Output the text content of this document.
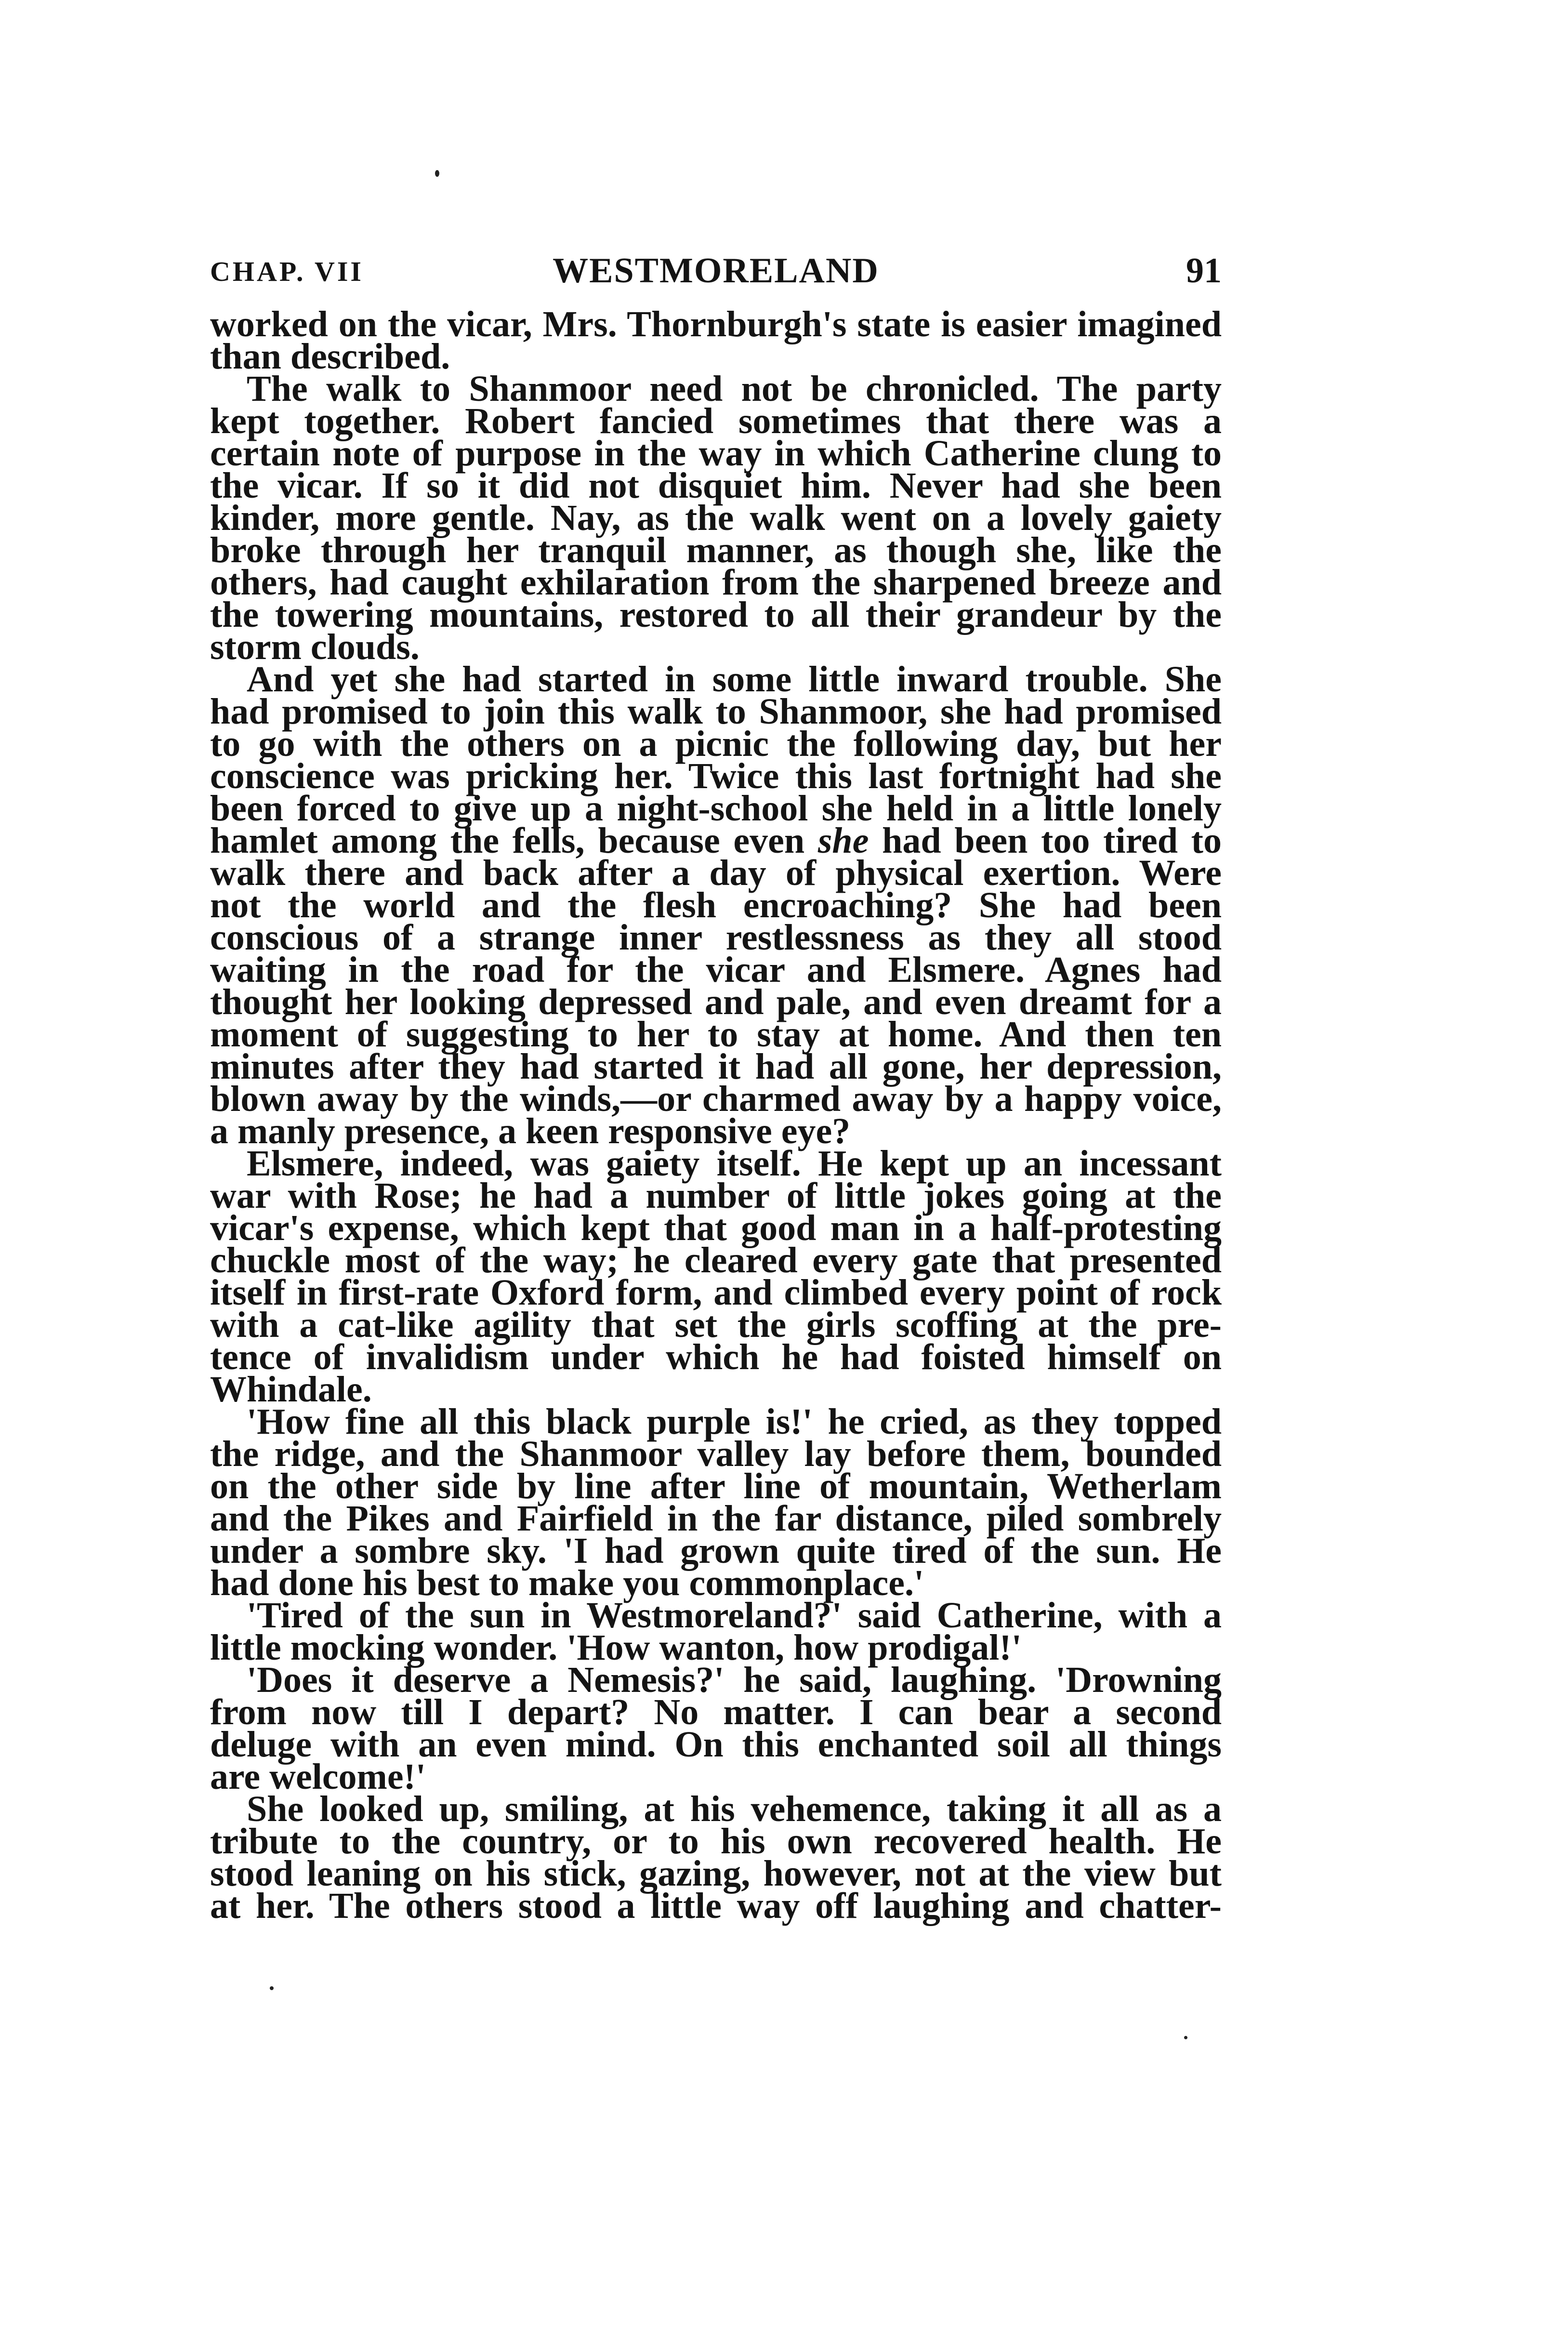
CHAP. VII	WESTMORELAND	91
worked on the vicar, Mrs. Thornburgh's state is easier imagined
than described.
The walk to Shanmoor need not be chronicled. The party
kept together. Robert fancied sometimes that there was a
certain note of purpose in the way in which Catherine clung to
the vicar. If so it did not disquiet him. Never had she been
kinder, more gentle. Nay, as the walk went on a lovely gaiety
broke through her tranquil manner, as though she, like the
others, had caught exhilaration from the sharpened breeze and
the towering mountains, restored to all their grandeur by the
storm clouds.
And yet she had started in some little inward trouble. She
had promised to join this walk to Shanmoor, she had promised
to go with the others on a picnic the following day, but her
conscience was pricking her. Twice this last fortnight had she
been forced to give up a night-school she held in a little lonely
hamlet among the fells, because even she had been too tired to
walk there and back after a day of physical exertion. Were
not the world and the flesh encroaching? She had been
conscious of a strange inner restlessness as they all stood
waiting in the road for the vicar and Elsmere. Agnes had
thought her looking depressed and pale, and even dreamt for a
moment of suggesting to her to stay at home. And then ten
minutes after they had started it had all gone, her depression,
blown away by the winds,—or charmed away by a happy voice,
a manly presence, a keen responsive eye?
Elsmere, indeed, was gaiety itself. He kept up an incessant
war with Rose; he had a number of little jokes going at the
vicar's expense, which kept that good man in a half-protesting
chuckle most of the way; he cleared every gate that presented
itself in first-rate Oxford form, and climbed every point of rock
with a cat-like agility that set the girls scoffing at the pre-
tence of invalidism under which he had foisted himself on
Whindale.
'How fine all this black purple is!' he cried, as they topped
the ridge, and the Shanmoor valley lay before them, bounded
on the other side by line after line of mountain, Wetherlam
and the Pikes and Fairfield in the far distance, piled sombrely
under a sombre sky. 'I had grown quite tired of the sun. He
had done his best to make you commonplace.'
'Tired of the sun in Westmoreland?' said Catherine, with a
little mocking wonder. 'How wanton, how prodigal!'
'Does it deserve a Nemesis?' he said, laughing. 'Drowning
from now till I depart? No matter. I can bear a second
deluge with an even mind. On this enchanted soil all things
are welcome!'
She looked up, smiling, at his vehemence, taking it all as a
tribute to the country, or to his own recovered health. He
stood leaning on his stick, gazing, however, not at the view but
at her. The others stood a little way off laughing and chatter-
